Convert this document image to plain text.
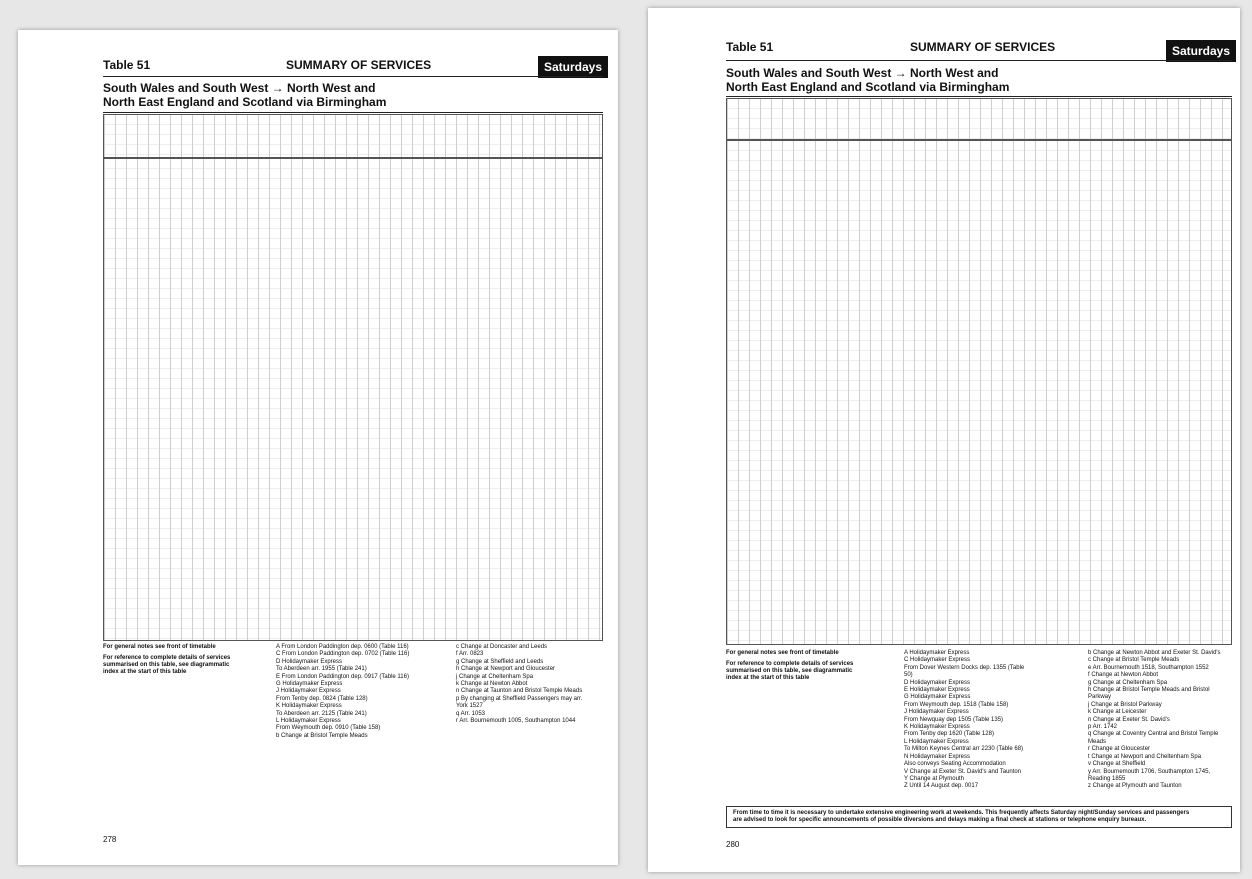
Table 51	SUMMARY OF SERVICES	Saturdays
South Wales and South West → North West and
North East England and Scotland via Birmingham
For general notes see front of timetable
For reference to complete details of services
summarised on this table, see diagrammatic
index at the start of this table
A From London Paddington dep. 0600 (Table 116)
C From London Paddington dep. 0702 (Table 116)
D Holidaymaker Express
To Aberdeen arr. 1955 (Table 241)
E From London Paddington dep. 0917 (Table 116)
G Holidaymaker Express
J Holidaymaker Express
From Tenby dep. 0824 (Table 128)
K Holidaymaker Express
To Aberdeen arr. 2125 (Table 241)
L Holidaymaker Express
From Weymouth dep. 0910 (Table 158)
b Change at Bristol Temple Meads
c Change at Doncaster and Leeds
f Arr. 0823
g Change at Sheffield and Leeds
h Change at Newport and Gloucester
j Change at Cheltenham Spa
k Change at Newton Abbot
n Change at Taunton and Bristol Temple Meads
p By changing at Sheffield Passengers may arr.
York 1527
q Arr. 1053
r Arr. Bournemouth 1005, Southampton 1044
278
Table 51	SUMMARY OF SERVICES	Saturdays
South Wales and South West → North West and
North East England and Scotland via Birmingham
For general notes see front of timetable
For reference to complete details of services
summarised on this table, see diagrammatic
index at the start of this table
A Holidaymaker Express
C Holidaymaker Express
From Dover Western Docks dep. 1355 (Table
50)
D Holidaymaker Express
E Holidaymaker Express
G Holidaymaker Express
From Weymouth dep. 1518 (Table 158)
J Holidaymaker Express
From Newquay dep 1505 (Table 135)
K Holidaymaker Express
From Tenby dep 1620 (Table 128)
L Holidaymaker Express
To Milton Keynes Central arr 2230 (Table 68)
N Holidaymaker Express
Also conveys Seating Accommodation
V Change at Exeter St. David's and Taunton
Y Change at Plymouth
Z Until 14 August dep. 0017
b Change at Newton Abbot and Exeter St. David's
c Change at Bristol Temple Meads
e Arr. Bournemouth 1518, Southampton 1552
f Change at Newton Abbot
g Change at Cheltenham Spa
h Change at Bristol Temple Meads and Bristol
Parkway
j Change at Bristol Parkway
k Change at Leicester
n Change at Exeter St. David's
p Arr. 1742
q Change at Coventry Central and Bristol Temple
Meads
r Change at Gloucester
t Change at Newport and Cheltenham Spa
v Change at Sheffield
y Arr. Bournemouth 1706, Southampton 1745,
Reading 1855
z Change at Plymouth and Taunton
From time to time it is necessary to undertake extensive engineering work at weekends. This frequently affects Saturday night/Sunday services and passengers
are advised to look for specific announcements of possible diversions and delays making a final check at stations or telephone enquiry bureaux.
280
